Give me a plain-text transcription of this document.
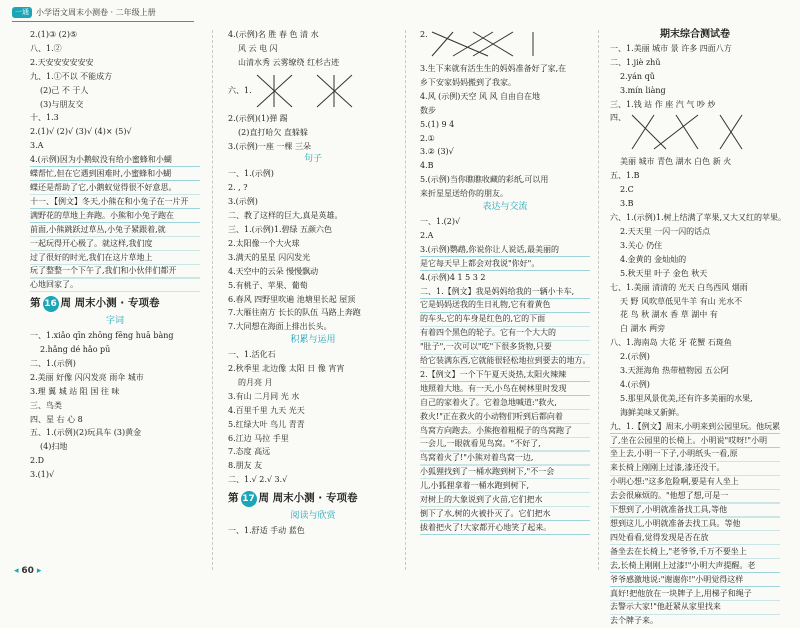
一通 小学语文周末小测卷 · 二年级上册
2.(1)③ (2)⑤
八、1.②
2.天安安安安安安
九、1.①不以 不能成方
(2)己 不 于人
(3)与朋友交
十、1.3
2.(1)√ (2)√ (3)√ (4)× (5)√
3.A
4.(示例)因为小鹅蚁没有给小蜜蜂和小蝴
蝶帮忙,但在它遇到困难时,小蜜蜂和小蝴
蝶还是帮助了它,小鹅蚁觉得很不好意思。
十一、【例文】冬天,小熊在和小兔子在一片开
满野花的草地上奔跑。小熊和小兔子跑在
前面,小熊跳跃过草丛,小兔子紧跟着,就
一起玩得开心极了。就这样,我们度
过了很好的时光,我们在这片草地上
玩了整整一个下午了,我们和小伙伴们都开
心地回家了。
第 16 周 周末小测 · 专项卷
字词
一、1.xiǎo qīn zhōng fēng huā bàng
2.hǎng dé hǎo pū
二、1.(示例)
2.美丽 好像 闪闪发亮 雨伞 城市
3.理 翼 城 站 阻 国 往 味
三、鸟类
四、星 右 心 8
五、1.(示例)(2)玩具车 (3)黄金
(4)扫地
2.D
3.(1)√
4.(示例)名 胜 春 色 清 水
风 云 电 闪
山清水秀 云雾缭绕 红杉古迹
六、1.
2.(示例)(1)弹 踢
(2)直打哈欠 直躲躲
3.(示例)一座 一棵 三朵
句子
一、1.(示例)
2. , ?
3.(示例)
二、教了这样的巨大,真是英雄。
三、1.(示例)1.碧绿 五颜六色
2.太阳像一个大火球
3.满天的星星 闪闪发光
4.天空中的云朵 慢慢飘动
5.有桃子、苹果、葡萄
6.春风 四野里吹遍 池塘里长起 屋顶
7.大雁往南方 长长的队伍 马路上奔跑
7.大同想在海面上排出长头。
积累与运用
一、1.活化石
2.秋季里 北边像 太阳 日 像 宵宵
的月亮 月
3.有山 二月同 光 水
4.百里千里 九天 光天
5.红绿大叶 鸟儿 青青
6.江边 马拉 手里
7.态度 高远
8.朋友 友
二、1.√ 2.√ 3.√
第 17 周 周末小测 · 专项卷
阅读与欣赏
一、1.舒适 手动 蓝色
2.
3.生下来就有活生生的妈妈准备好了家,在
乡下安家妈妈搬到了我家。
4.风 (示例)天空 风 风 自由自在地
数步
5.(1) 9 4
2.①
3.② (3)√
4.B
5.(示例)当你瞧瞧收藏的彩纸,可以用
来折星星送给你的朋友。
表达与交流
一、1.(2)√
2.A
3.(示例)鹦鹉,你说你让人说话,最美丽的
是它每天早上都会对我说"你好"。
4.(示例)4 1 5 3 2
二、1.【例文】我是妈妈给我的一辆小卡车,
它是妈妈送我的生日礼物,它有着黄色
的车头,它的车身是红色的,它的下面
有着四个黑色的轮子。它有一个大大的
"肚子",一次可以"吃"下很多货物,只要
给它装满东西,它就能很轻松地拉到要去的地方。
2.【例文】一个下午夏天炎热,太阳火辣辣
地照着大地。有一天,小鸟在树林里时发现
自己的家着火了。它着急地喊道:"救火,
救火!"正在救火的小动物们听到后都向着
鸟窝方向跑去。小熊抱着粗棍子的鸟窝跑了
一会儿,一眼就看见鸟窝。"不好了,
鸟窝着火了!"小熊对着鸟窝一边,
小狐狸找到了一桶水跑到树下,"不一会
儿,小狐狸拿着一桶水跑到树下,
对树上的大象说到了火苗,它们把水
倒下了水,树的火被扑灭了。它们把水
拔着把火了!大家都开心地笑了起来。
期末综合测试卷
一、1.美丽 城市 景 许多 四面八方
二、1.jiè zhǔ
2.yán qǔ
3.mín liàng
三、1.钱 站 作 座 汽 气 吵 炒
四、
美丽 城市 青色 湖水 白色 新 火
五、1.B
2.C
3.B
六、1.(示例)1.树上结满了苹果,又大又红的苹果。
2.天天里 一闪一闪的话点
3.关心 仍住
4.金黄的 金灿灿的
5.秋天里 叶子 金色 秋天
七、1.美丽 清清的 光天 白鸟西风 烟雨
天 野 风吹草低见牛羊 有山 光水不
花 鸟 秋 湖水 香 草 湖中 有
白 湖水 两旁
八、1.海南岛 大花 牙 花蟹 石斑鱼
2.(示例)
3.天涯海角 热带植物园 五公阿
4.(示例)
5.那里风景优美,还有许多美丽的水果,
海鲜美味又新鲜。
九、1.【例文】周末,小明来到公园里玩。他玩累
了,坐在公园里的长椅上。小明说"哎呀!"小明
坐上去,小明一下子,小明纸头一看,原
来长椅上刚刚上过漆,漆还没干。
小明心想:"这多危险啊,要是有人坐上
去会很麻烦的。"他想了想,可是一
下想到了,小明就准备找工具,等他
想到这儿,小明就准备去找工具。等他
四处看看,觉得发现是否在放
备坐去在长椅上,"老爷爷,千万不要坐上
去,长椅上刚刚上过漆!"小明大声提醒。老
爷爷感激地说:"谢谢你!"小明觉得这样
真好!把他放在一块牌子上,用梯子和绳子
去警示大家!"他赶紧从家里找来
去个牌子来。
◂ 60 ▸
